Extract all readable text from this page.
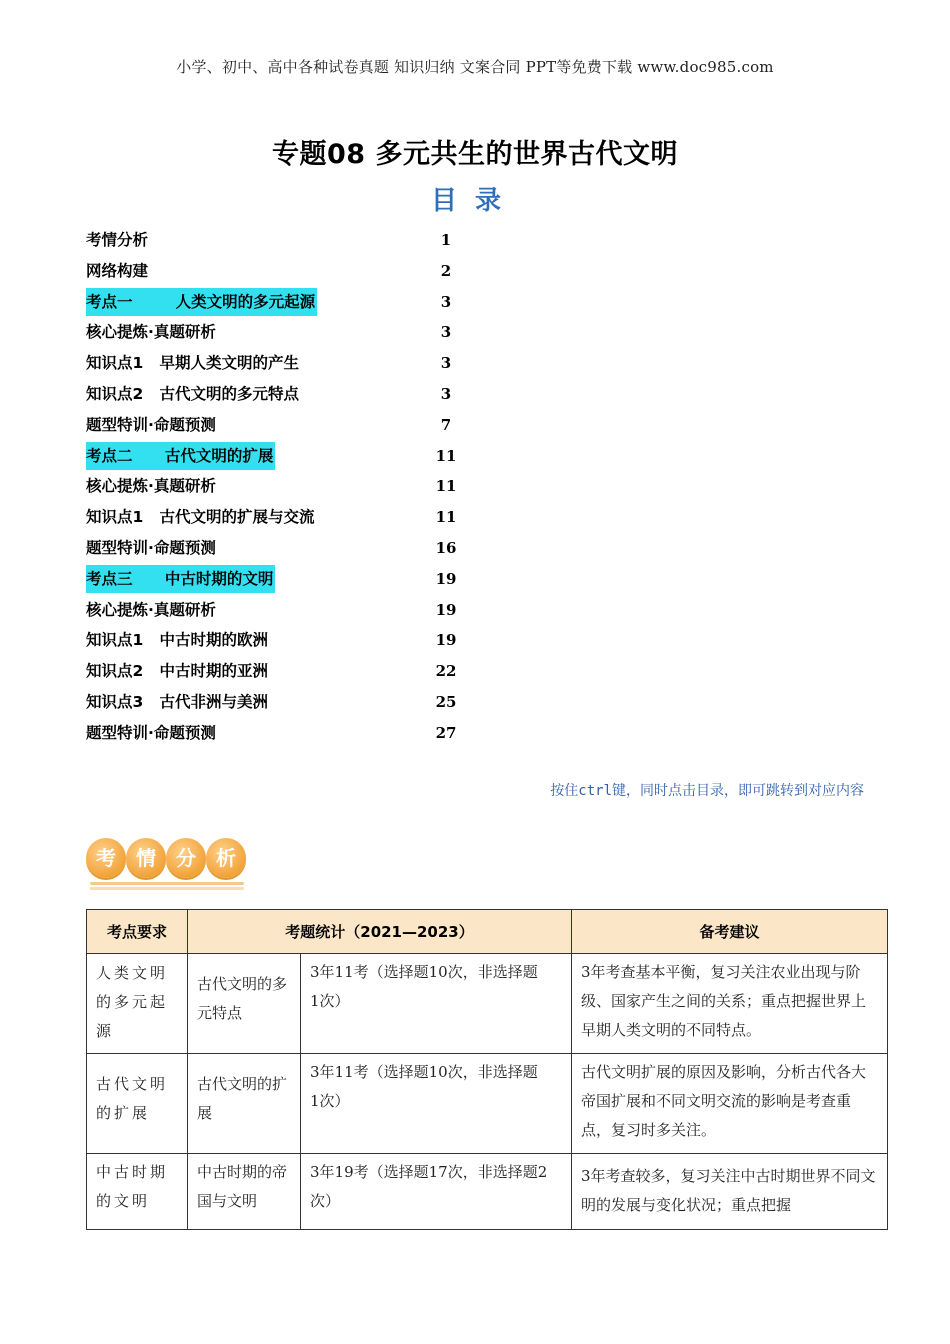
小学、初中、高中各种试卷真题 知识归纳 文案合同 PPT等免费下载 www.doc985.com
专题08 多元共生的世界古代文明
目录
考情分析	1
网络构建	2
考点一        人类文明的多元起源	3
核心提炼·真题研析	3
知识点1   早期人类文明的产生	3
知识点2   古代文明的多元特点	3
题型特训·命题预测	7
考点二      古代文明的扩展	11
核心提炼·真题研析	11
知识点1   古代文明的扩展与交流	11
题型特训·命题预测	16
考点三      中古时期的文明	19
核心提炼·真题研析	19
知识点1   中古时期的欧洲	19
知识点2   中古时期的亚洲	22
知识点3   古代非洲与美洲	25
题型特训·命题预测	27
按住ctrl键，同时点击目录，即可跳转到对应内容
考	情	分	析
考点要求	考题统计（2021—2023）		备考建议
人类文明的多元起源	古代文明的多元特点	3年11考（选择题10次，非选择题1次）	3年考查基本平衡，复习关注农业出现与阶级、国家产生之间的关系；重点把握世界上早期人类文明的不同特点。
古代文明的扩展	古代文明的扩展	3年11考（选择题10次，非选择题1次）	古代文明扩展的原因及影响，分析古代各大帝国扩展和不同文明交流的影响是考查重点，复习时多关注。
中古时期的文明	中古时期的帝国与文明	3年19考（选择题17次，非选择题2次）	3年考查较多，复习关注中古时期世界不同文明的发展与变化状况；重点把握
